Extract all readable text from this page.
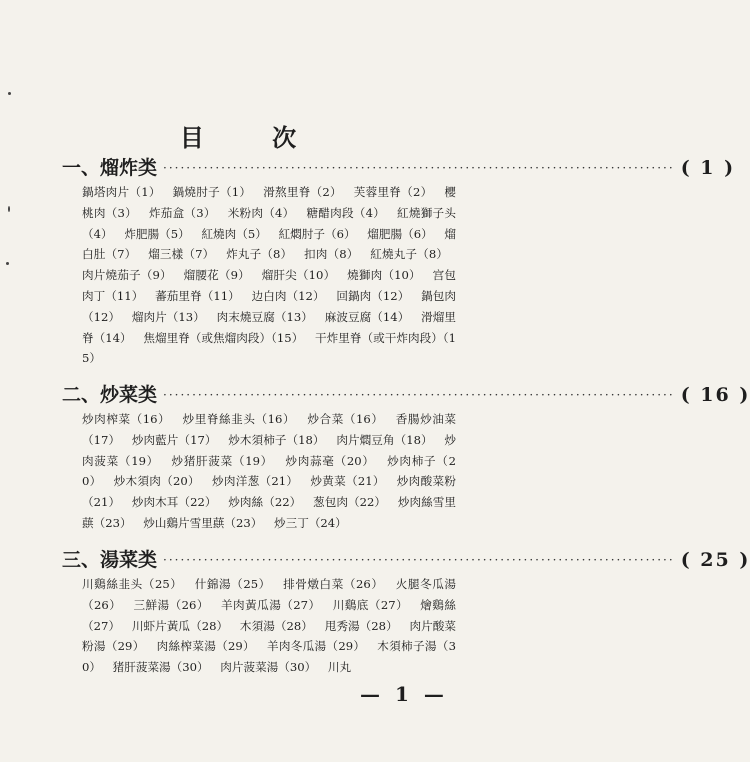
目 次
一、熘炸类 ························································································ ( 1 )
鍋塔肉片（1） 鍋燒肘子（1） 滑熬里脊（2） 芙蓉里脊（2） 櫻桃肉（3） 炸茄盒（3） 米粉肉（4） 糖醋肉段（4） 紅燒獅子头（4） 炸肥腸（5） 紅燒肉（5） 紅燜肘子（6） 熘肥腸（6） 熘白肚（7） 熘三樣（7） 炸丸子（8） 扣肉（8） 紅燒丸子（8） 肉片燒茄子（9） 熘腰花（9） 熘肝尖（10） 燒獅肉（10） 宫包肉丁（11） 蕃茄里脊（11） 边白肉（12） 回鍋肉（12） 鍋包肉（12） 熘肉片（13） 肉末燒豆腐（13） 麻波豆腐（14） 滑熘里脊（14） 焦熘里脊（或焦熘肉段）（15） 干炸里脊（或干炸肉段）（15）
二、炒菜类 ························································································ ( 16 )
炒肉榨菜（16） 炒里脊絲韭头（16） 炒合菜（16） 香腸炒油菜（17） 炒肉藍片（17） 炒木須柿子（18） 肉片燜豆角（18） 炒肉菠菜（19） 炒猪肝菠菜（19） 炒肉蒜毫（20） 炒肉柿子（20） 炒木須肉（20） 炒肉洋葱（21） 炒黄菜（21） 炒肉酸菜粉（21） 炒肉木耳（22） 炒肉絲（22） 葱包肉（22） 炒肉絲雪里蕻（23） 炒山鷄片雪里蕻（23） 炒三丁（24）
三、湯菜类 ························································································ ( 25 )
川鷄絲韭头（25） 什錦湯（25） 排骨燉白菜（26） 火腿冬瓜湯（26） 三鮮湯（26） 羊肉黃瓜湯（27） 川鷄底（27） 燴鷄絲（27） 川虾片黃瓜（28） 木須湯（28） 甩秀湯（28） 肉片酸菜粉湯（29） 肉絲榨菜湯（29） 羊肉冬瓜湯（29） 木須柿子湯（30） 猪肝菠菜湯（30） 肉片菠菜湯（30） 川丸
— 1 —
